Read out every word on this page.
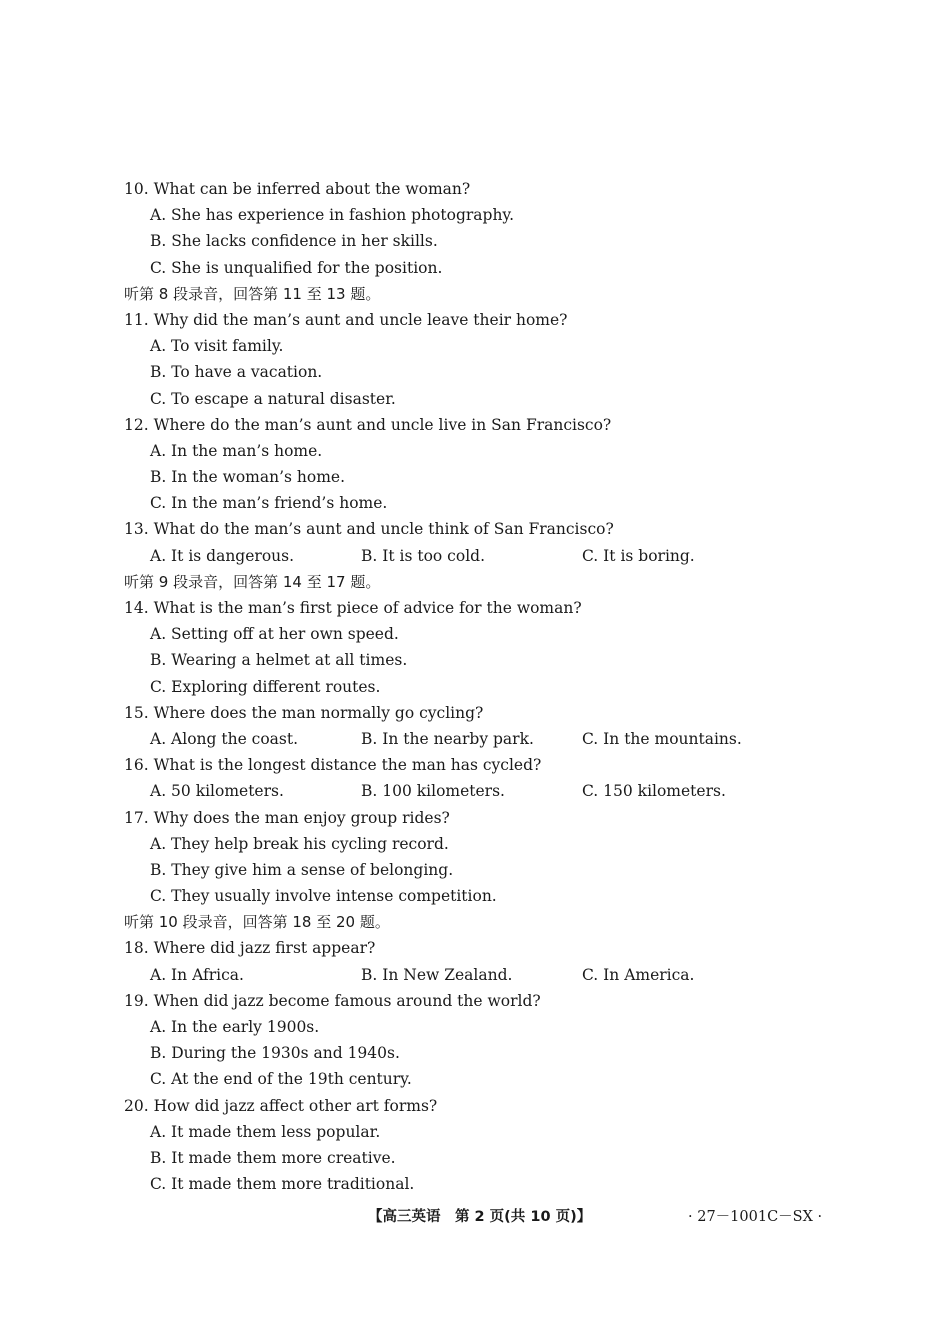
10. What can be inferred about the woman?
A. She has experience in fashion photography.
B. She lacks confidence in her skills.
C. She is unqualified for the position.
听第 8 段录音，回答第 11 至 13 题。
11. Why did the man’s aunt and uncle leave their home?
A. To visit family.
B. To have a vacation.
C. To escape a natural disaster.
12. Where do the man’s aunt and uncle live in San Francisco?
A. In the man’s home.
B. In the woman’s home.
C. In the man’s friend’s home.
13. What do the man’s aunt and uncle think of San Francisco?
A. It is dangerous.	B. It is too cold.	C. It is boring.
听第 9 段录音，回答第 14 至 17 题。
14. What is the man’s first piece of advice for the woman?
A. Setting off at her own speed.
B. Wearing a helmet at all times.
C. Exploring different routes.
15. Where does the man normally go cycling?
A. Along the coast.	B. In the nearby park.	C. In the mountains.
16. What is the longest distance the man has cycled?
A. 50 kilometers.	B. 100 kilometers.	C. 150 kilometers.
17. Why does the man enjoy group rides?
A. They help break his cycling record.
B. They give him a sense of belonging.
C. They usually involve intense competition.
听第 10 段录音，回答第 18 至 20 题。
18. Where did jazz first appear?
A. In Africa.	B. In New Zealand.	C. In America.
19. When did jazz become famous around the world?
A. In the early 1900s.
B. During the 1930s and 1940s.
C. At the end of the 19th century.
20. How did jazz affect other art forms?
A. It made them less popular.
B. It made them more creative.
C. It made them more traditional.
【高三英语　第 2 页(共 10 页)】	· 27－1001C－SX ·
